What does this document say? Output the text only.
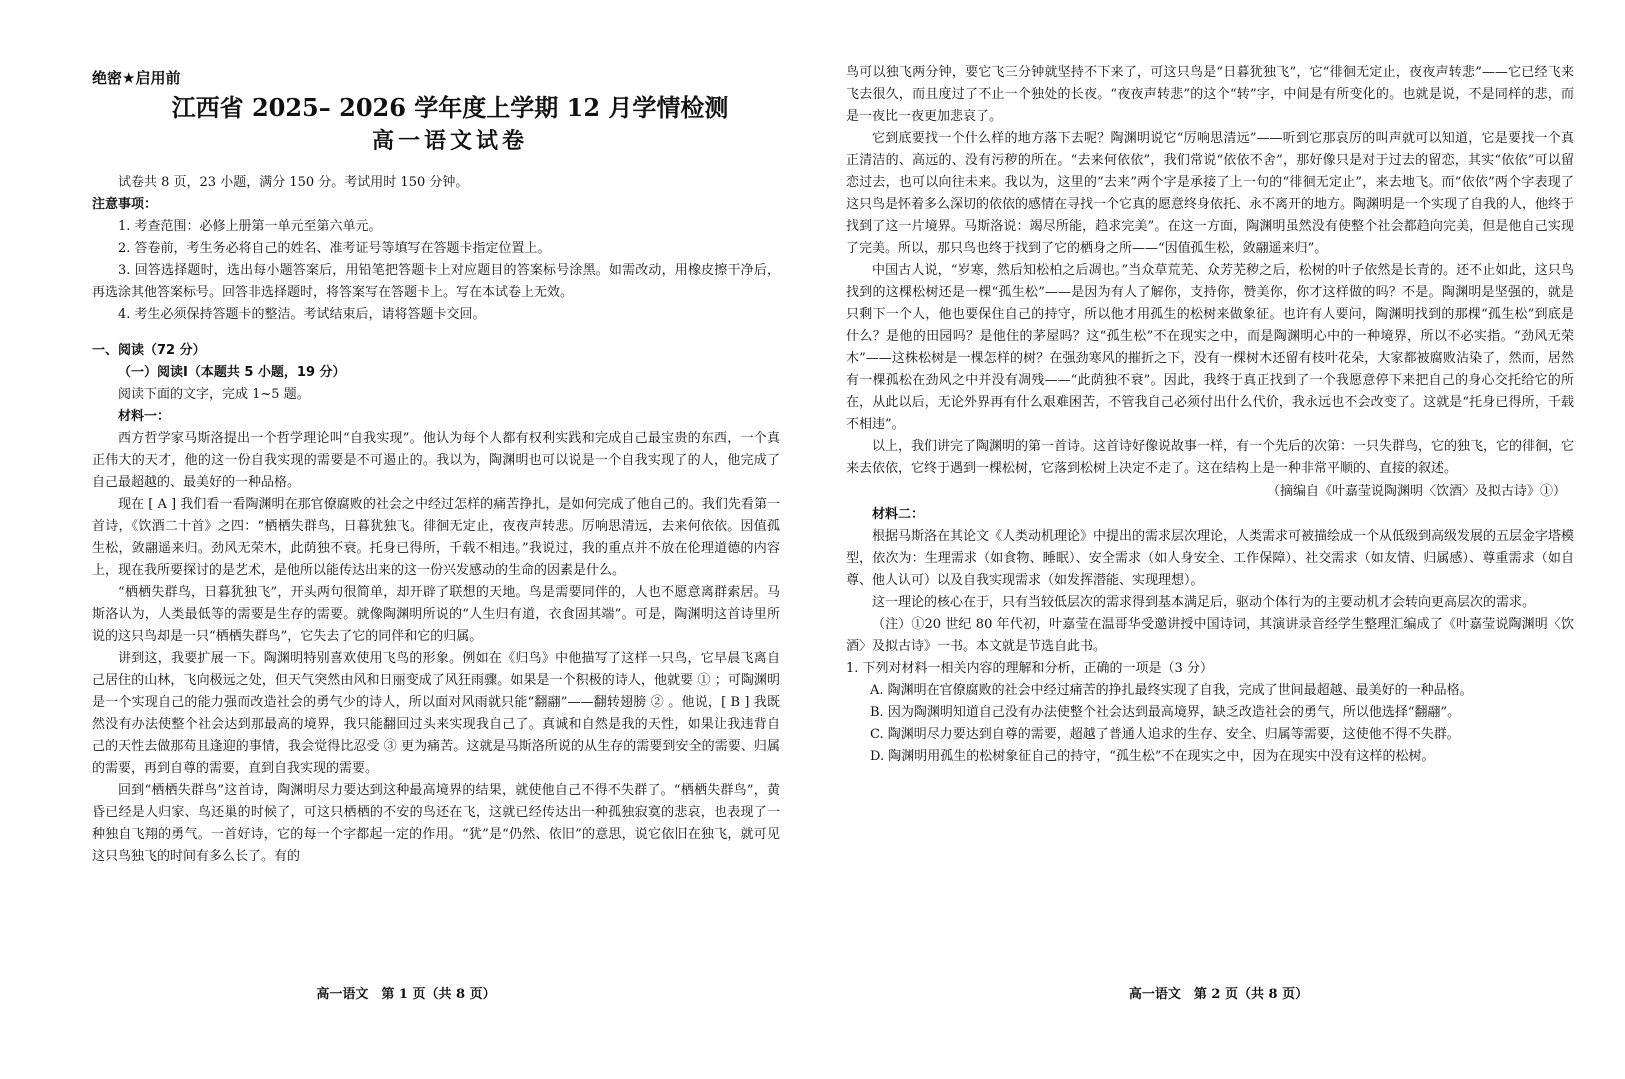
绝密★启用前

江西省 2025– 2026 学年度上学期 12 月学情检测

高一语文试卷

试卷共 8 页，23 小题，满分 150 分。考试用时 150 分钟。

注意事项：

1. 考查范围：必修上册第一单元至第六单元。

2. 答卷前，考生务必将自己的姓名、准考证号等填写在答题卡指定位置上。

3. 回答选择题时，选出每小题答案后，用铅笔把答题卡上对应题目的答案标号涂黑。如需改动，用橡皮擦干净后，再选涂其他答案标号。回答非选择题时，将答案写在答题卡上。写在本试卷上无效。

4. 考生必须保持答题卡的整洁。考试结束后，请将答题卡交回。

一、阅读（72 分）

（一）阅读Ⅰ（本题共 5 小题，19 分）

阅读下面的文字，完成 1~5 题。

材料一：

西方哲学家马斯洛提出一个哲学理论叫“自我实现”。他认为每个人都有权利实践和完成自己最宝贵的东西，一个真正伟大的天才，他的这一份自我实现的需要是不可遏止的。我以为，陶渊明也可以说是一个自我实现了的人，他完成了自己最超越的、最美好的一种品格。

现在 [ A ] 我们看一看陶渊明在那官僚腐败的社会之中经过怎样的痛苦挣扎，是如何完成了他自己的。我们先看第一首诗，《饮酒二十首》之四：“栖栖失群鸟，日暮犹独飞。徘徊无定止，夜夜声转悲。厉响思清远，去来何依依。因值孤生松，敛翮遥来归。劲风无荣木，此荫独不衰。托身已得所，千载不相违。”我说过，我的重点并不放在伦理道德的内容上，现在我所要探讨的是艺术，是他所以能传达出来的这一份兴发感动的生命的因素是什么。

“栖栖失群鸟，日暮犹独飞”，开头两句很简单，却开辟了联想的天地。鸟是需要同伴的，人也不愿意离群索居。马斯洛认为，人类最低等的需要是生存的需要。就像陶渊明所说的“人生归有道，衣食固其端”。可是，陶渊明这首诗里所说的这只鸟却是一只“栖栖失群鸟”，它失去了它的同伴和它的归属。

讲到这，我要扩展一下。陶渊明特别喜欢使用飞鸟的形象。例如在《归鸟》中他描写了这样一只鸟，它早晨飞离自己居住的山林，飞向极远之处，但天气突然由风和日丽变成了风狂雨骤。如果是一个积极的诗人，他就要 ① ；可陶渊明是一个实现自己的能力强而改造社会的勇气少的诗人，所以面对风雨就只能“翻翮”——翻转翅膀 ② 。他说，[ B ] 我既然没有办法使整个社会达到那最高的境界，我只能翻回过头来实现我自己了。真诚和自然是我的天性，如果让我违背自己的天性去做那苟且逢迎的事情，我会觉得比忍受 ③ 更为痛苦。这就是马斯洛所说的从生存的需要到安全的需要、归属的需要，再到自尊的需要，直到自我实现的需要。

回到“栖栖失群鸟”这首诗，陶渊明尽力要达到这种最高境界的结果，就使他自己不得不失群了。“栖栖失群鸟”，黄昏已经是人归家、鸟还巢的时候了，可这只栖栖的不安的鸟还在飞，这就已经传达出一种孤独寂寞的悲哀，也表现了一种独自飞翔的勇气。一首好诗，它的每一个字都起一定的作用。“犹”是“仍然、依旧”的意思，说它依旧在独飞，就可见这只鸟独飞的时间有多么长了。有的

高一语文　第 1 页（共 8 页）

鸟可以独飞两分钟，要它飞三分钟就坚持不下来了，可这只鸟是“日暮犹独飞”，它“徘徊无定止，夜夜声转悲”——它已经飞来飞去很久，而且度过了不止一个独处的长夜。“夜夜声转悲”的这个“转”字，中间是有所变化的。也就是说，不是同样的悲，而是一夜比一夜更加悲哀了。

它到底要找一个什么样的地方落下去呢？陶渊明说它“厉响思清远”——听到它那哀厉的叫声就可以知道，它是要找一个真正清洁的、高远的、没有污秽的所在。“去来何依依”，我们常说“依依不舍”，那好像只是对于过去的留恋，其实“依依”可以留恋过去，也可以向往未来。我以为，这里的“去来”两个字是承接了上一句的“徘徊无定止”，来去地飞。而“依依”两个字表现了这只鸟是怀着多么深切的依依的感情在寻找一个它真的愿意终身依托、永不离开的地方。陶渊明是一个实现了自我的人，他终于找到了这一片境界。马斯洛说：竭尽所能，趋求完美”。在这一方面，陶渊明虽然没有使整个社会都趋向完美，但是他自己实现了完美。所以，那只鸟也终于找到了它的栖身之所——“因值孤生松，敛翮遥来归”。

中国古人说，“岁寒，然后知松柏之后凋也。”当众草荒芜、众芳芜秽之后，松树的叶子依然是长青的。还不止如此，这只鸟找到的这棵松树还是一棵“孤生松”——是因为有人了解你，支持你，赞美你，你才这样做的吗？不是。陶渊明是坚强的，就是只剩下一个人，他也要保住自己的持守，所以他才用孤生的松树来做象征。也许有人要问，陶渊明找到的那棵“孤生松”到底是什么？是他的田园吗？是他住的茅屋吗？这“孤生松”不在现实之中，而是陶渊明心中的一种境界，所以不必实指。“劲风无荣木”——这株松树是一棵怎样的树？在强劲寒风的摧折之下，没有一棵树木还留有枝叶花朵，大家都被腐败沾染了，然而，居然有一棵孤松在劲风之中并没有凋残——“此荫独不衰”。因此，我终于真正找到了一个我愿意停下来把自己的身心交托给它的所在，从此以后，无论外界再有什么艰难困苦，不管我自己必须付出什么代价，我永远也不会改变了。这就是“托身已得所，千载不相违”。

以上，我们讲完了陶渊明的第一首诗。这首诗好像说故事一样，有一个先后的次第：一只失群鸟，它的独飞，它的徘徊，它来去依依，它终于遇到一棵松树，它落到松树上决定不走了。这在结构上是一种非常平顺的、直接的叙述。

（摘编自《叶嘉莹说陶渊明〈饮酒〉及拟古诗》①）

材料二：

根据马斯洛在其论文《人类动机理论》中提出的需求层次理论，人类需求可被描绘成一个从低级到高级发展的五层金字塔模型，依次为：生理需求（如食物、睡眠）、安全需求（如人身安全、工作保障）、社交需求（如友情、归属感）、尊重需求（如自尊、他人认可）以及自我实现需求（如发挥潜能、实现理想）。

这一理论的核心在于，只有当较低层次的需求得到基本满足后，驱动个体行为的主要动机才会转向更高层次的需求。

（注）①20 世纪 80 年代初，叶嘉莹在温哥华受邀讲授中国诗词，其演讲录音经学生整理汇编成了《叶嘉莹说陶渊明〈饮酒〉及拟古诗》一书。本文就是节选自此书。

1. 下列对材料一相关内容的理解和分析，正确的一项是（3 分）

A. 陶渊明在官僚腐败的社会中经过痛苦的挣扎最终实现了自我，完成了世间最超越、最美好的一种品格。

B. 因为陶渊明知道自己没有办法使整个社会达到最高境界，缺乏改造社会的勇气，所以他选择“翻翮”。

C. 陶渊明尽力要达到自尊的需要，超越了普通人追求的生存、安全、归属等需要，这使他不得不失群。

D. 陶渊明用孤生的松树象征自己的持守，“孤生松”不在现实之中，因为在现实中没有这样的松树。

高一语文　第 2 页（共 8 页）
